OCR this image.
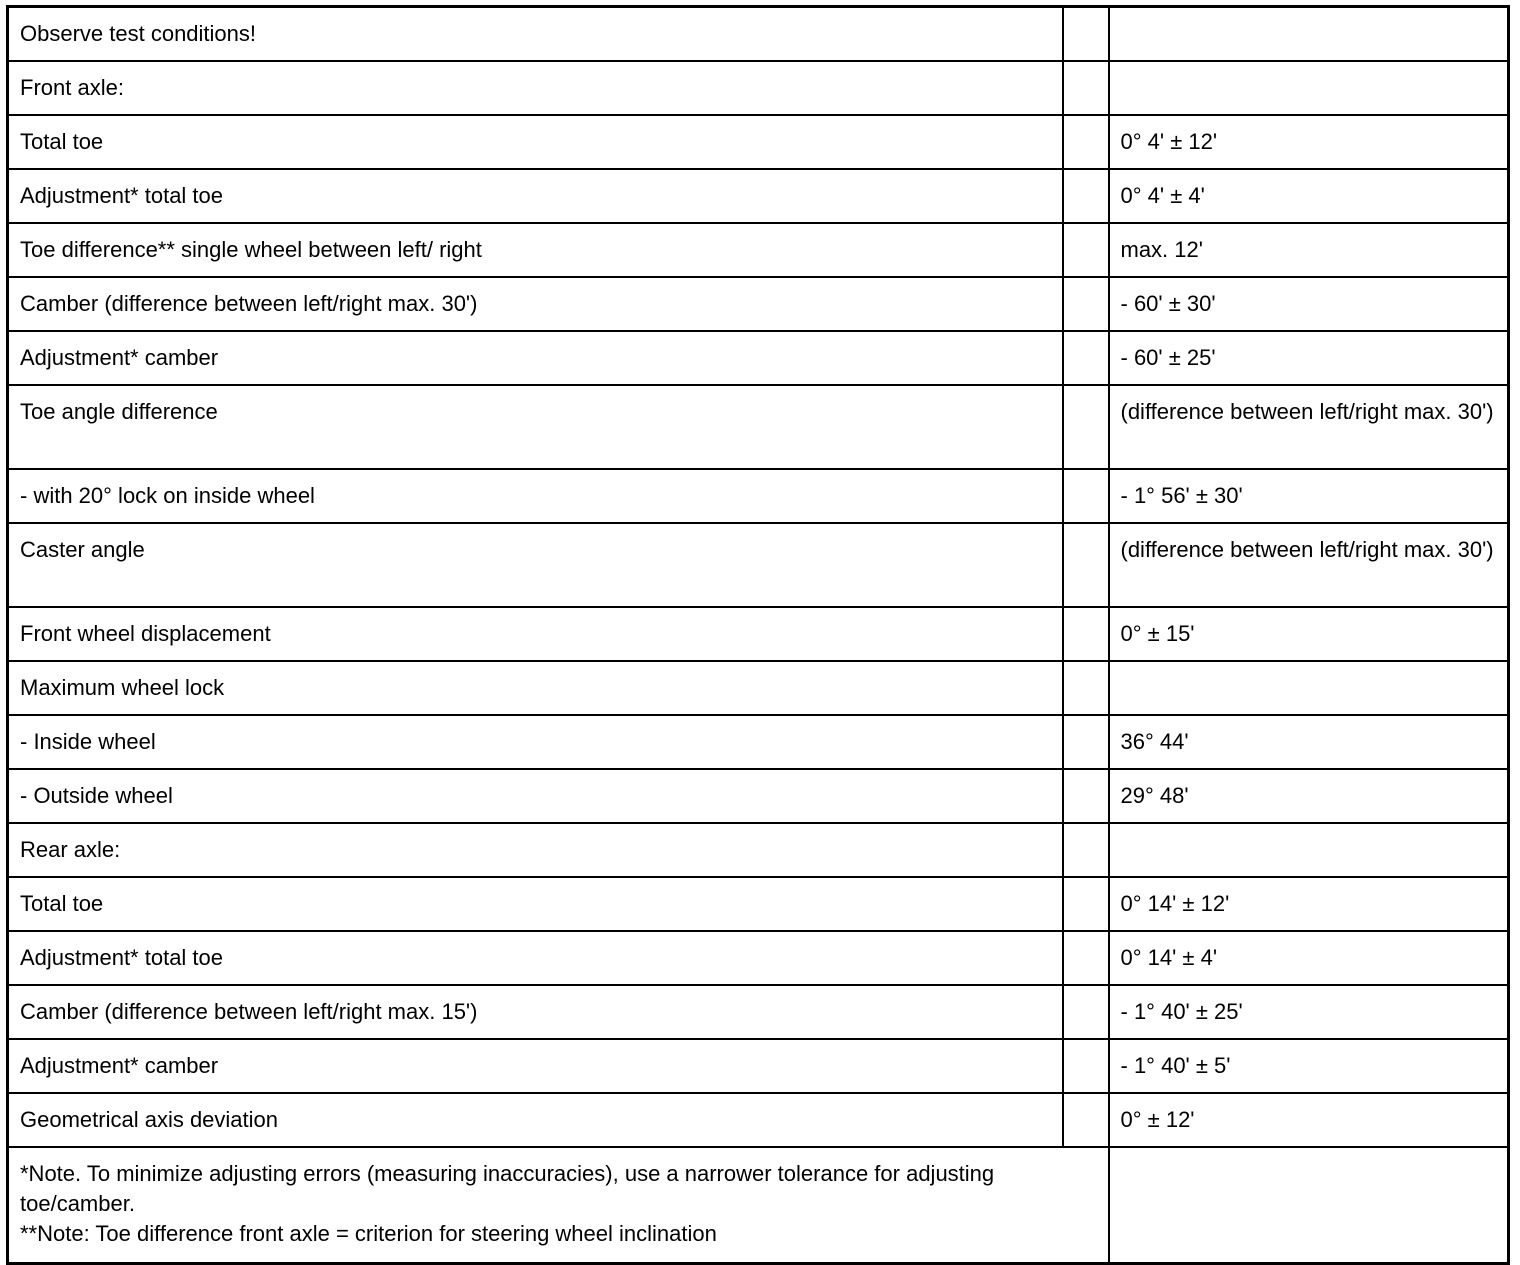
Observe test conditions!		
Front axle:		
Total toe		0° 4' ± 12'
Adjustment* total toe		0° 4' ± 4'
Toe difference** single wheel between left/ right		max. 12'
Camber (difference between left/right max. 30')		- 60' ± 30'
Adjustment* camber		- 60' ± 25'
Toe angle difference		(difference between left/right max. 30')
- with 20° lock on inside wheel		- 1° 56' ± 30'
Caster angle		(difference between left/right max. 30')
Front wheel displacement		0° ± 15'
Maximum wheel lock		
- Inside wheel		36° 44'
- Outside wheel		29° 48'
Rear axle:		
Total toe		0° 14' ± 12'
Adjustment* total toe		0° 14' ± 4'
Camber (difference between left/right max. 15')		- 1° 40' ± 25'
Adjustment* camber		- 1° 40' ± 5'
Geometrical axis deviation		0° ± 12'

*Note. To minimize adjusting errors (measuring inaccuracies), use a narrower tolerance for adjusting toe/camber.
**Note: Toe difference front axle = criterion for steering wheel inclination		
